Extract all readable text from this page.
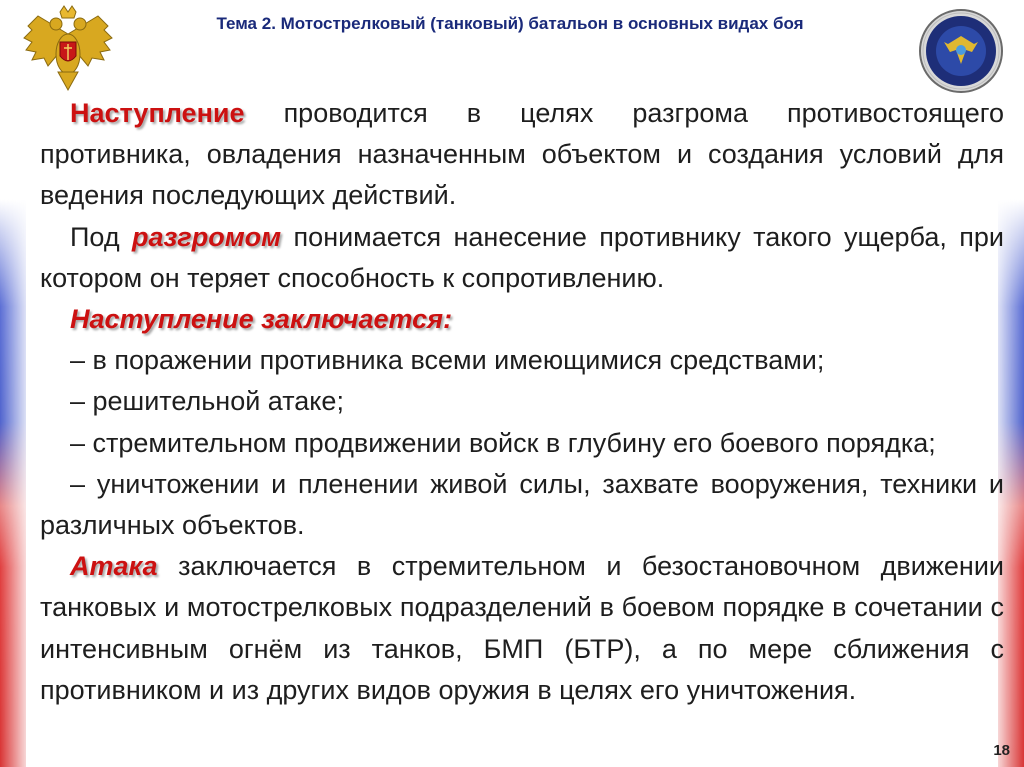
Тема 2. Мотострелковый (танковый) батальон в основных видах боя

Наступление проводится в целях разгрома противостоящего противника, овладения назначенным объектом и создания условий для ведения последующих действий.

Под разгромом понимается нанесение противнику такого ущерба, при котором он теряет способность к сопротивлению.

Наступление заключается:

– в поражении противника всеми имеющимися средствами;

– решительной атаке;

– стремительном продвижении войск в глубину его боевого порядка;

– уничтожении и пленении живой силы, захвате вооружения, техники и различных объектов.

Атака заключается в стремительном и безостановочном движении танковых и мотострелковых подразделений в боевом порядке в сочетании с интенсивным огнём из танков, БМП (БТР), а по мере сближения с противником и из других видов оружия в целях его уничтожения.

18
